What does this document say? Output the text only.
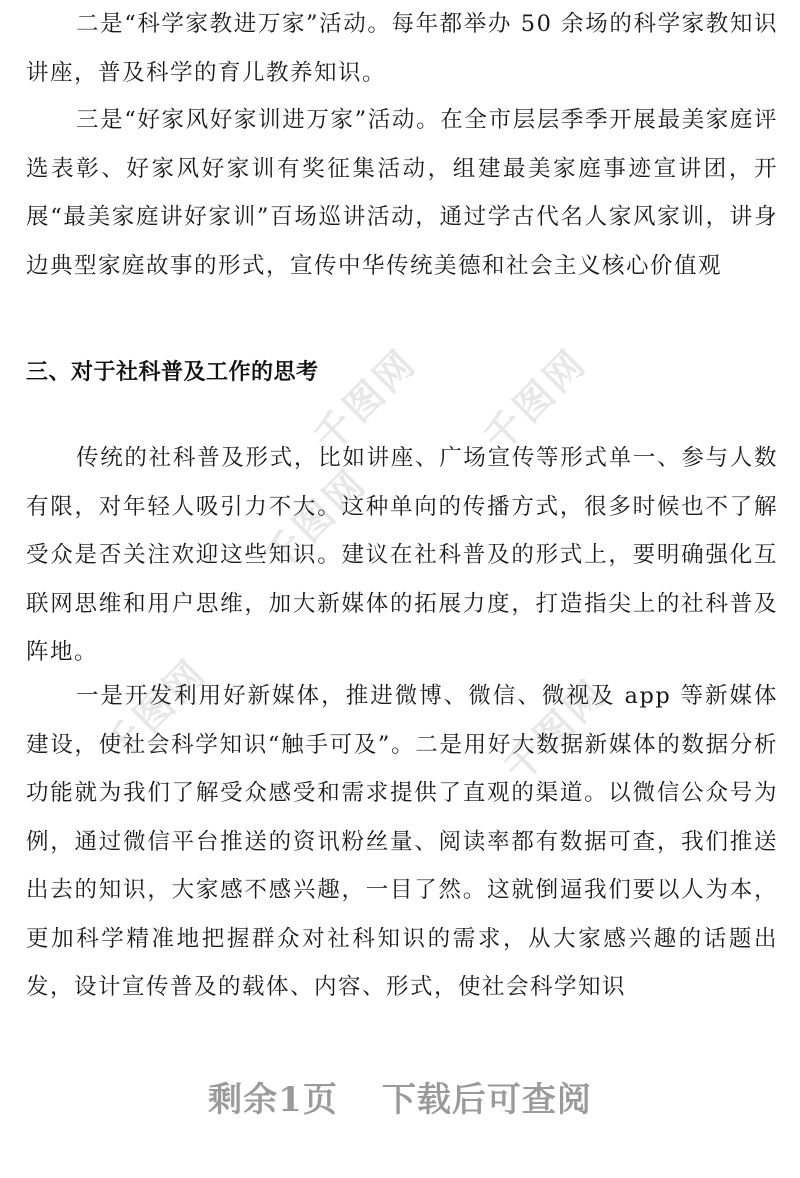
千图网 千图网
千图网
千图网	千图网

二是“科学家教进万家”活动。每年都举办 50 余场的科学家教知识讲座，普及科学的育儿教养知识。

三是“好家风好家训进万家”活动。在全市层层季季开展最美家庭评选表彰、好家风好家训有奖征集活动，组建最美家庭事迹宣讲团，开展“最美家庭讲好家训”百场巡讲活动，通过学古代名人家风家训，讲身边典型家庭故事的形式，宣传中华传统美德和社会主义核心价值观

三、对于社科普及工作的思考

传统的社科普及形式，比如讲座、广场宣传等形式单一、参与人数有限，对年轻人吸引力不大。这种单向的传播方式，很多时候也不了解受众是否关注欢迎这些知识。建议在社科普及的形式上，要明确强化互联网思维和用户思维，加大新媒体的拓展力度，打造指尖上的社科普及阵地。

一是开发利用好新媒体，推进微博、微信、微视及 app 等新媒体建设，使社会科学知识“触手可及”。二是用好大数据新媒体的数据分析功能就为我们了解受众感受和需求提供了直观的渠道。以微信公众号为例，通过微信平台推送的资讯粉丝量、阅读率都有数据可查，我们推送出去的知识，大家感不感兴趣，一目了然。这就倒逼我们要以人为本，更加科学精准地把握群众对社科知识的需求，从大家感兴趣的话题出发，设计宣传普及的载体、内容、形式，使社会科学知识

剩余1页 下载后可查阅
